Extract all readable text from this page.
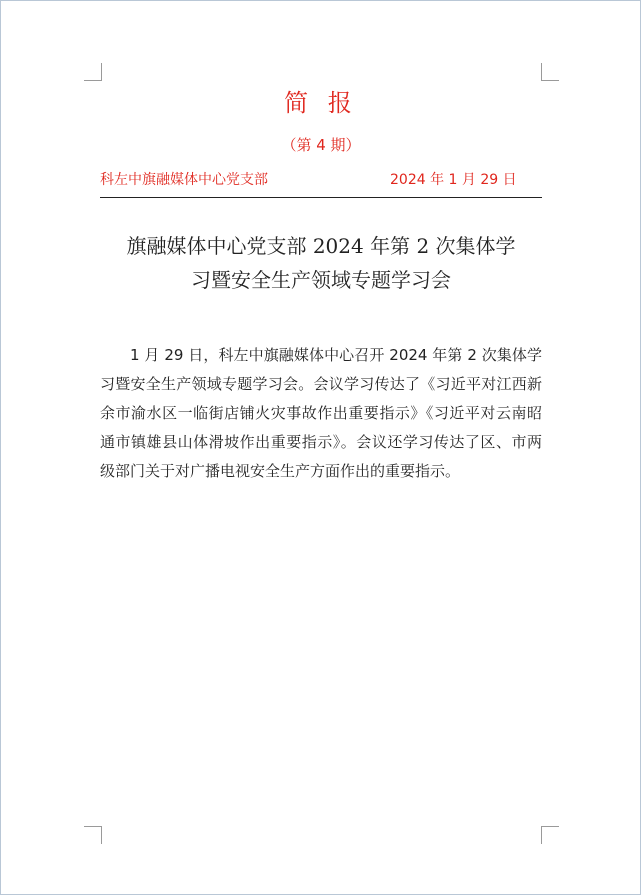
简 报
（第 4 期）
科左中旗融媒体中心党支部	2024 年 1 月 29 日
旗融媒体中心党支部 2024 年第 2 次集体学
习暨安全生产领域专题学习会

1 月 29 日，科左中旗融媒体中心召开 2024 年第 2 次集体学习暨安全生产领域专题学习会。会议学习传达了《习近平对江西新余市渝水区一临街店铺火灾事故作出重要指示》《习近平对云南昭通市镇雄县山体滑坡作出重要指示》。会议还学习传达了区、市两级部门关于对广播电视安全生产方面作出的重要指示。
